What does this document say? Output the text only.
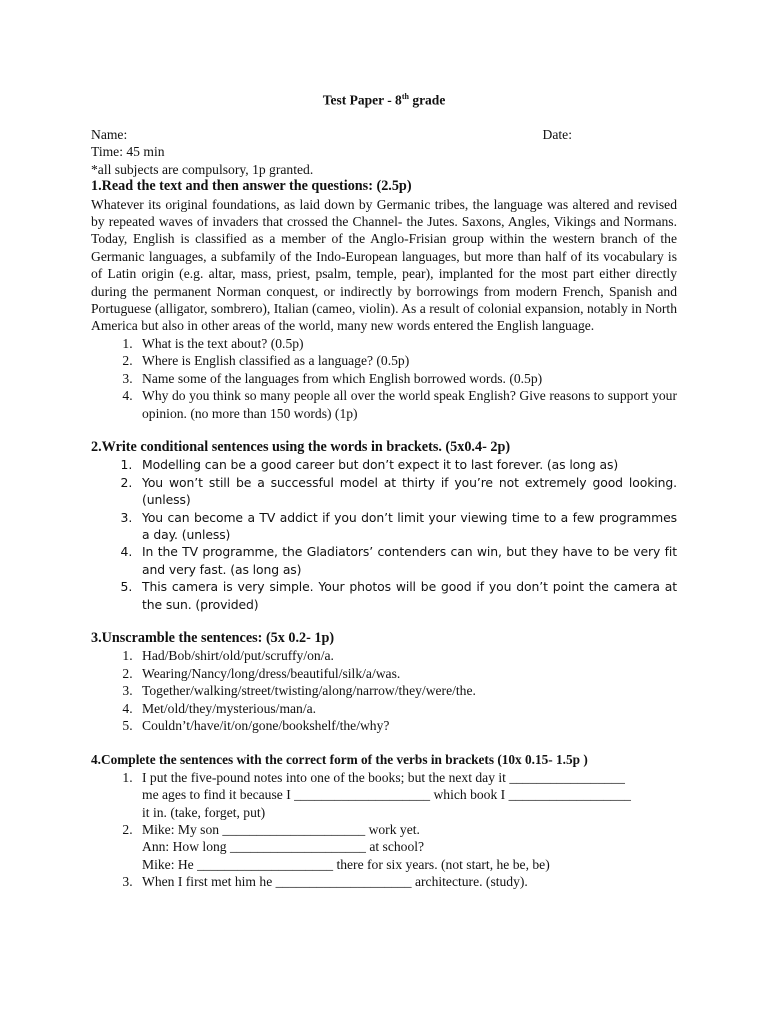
Test Paper - 8th grade
Name:	Date:
Time: 45 min
*all subjects are compulsory, 1p granted.
1.Read the text and then answer the questions: (2.5p)
Whatever its original foundations, as laid down by Germanic tribes, the language was altered and revised by repeated waves of invaders that crossed the Channel- the Jutes. Saxons, Angles, Vikings and Normans. Today, English is classified as a member of the Anglo-Frisian group within the western branch of the Germanic languages, a subfamily of the Indo-European languages, but more than half of its vocabulary is of Latin origin (e.g. altar, mass, priest, psalm, temple, pear), implanted for the most part either directly during the permanent Norman conquest, or indirectly by borrowings from modern French, Spanish and Portuguese (alligator, sombrero), Italian (cameo, violin). As a result of colonial expansion, notably in North America but also in other areas of the world, many new words entered the English language.
1. What is the text about? (0.5p)
2. Where is English classified as a language? (0.5p)
3. Name some of the languages from which English borrowed words. (0.5p)
4. Why do you think so many people all over the world speak English? Give reasons to support your opinion. (no more than 150 words) (1p)
2.Write conditional sentences using the words in brackets. (5x0.4- 2p)
1. Modelling can be a good career but don’t expect it to last forever. (as long as)
2. You won’t still be a successful model at thirty if you’re not extremely good looking. (unless)
3. You can become a TV addict if you don’t limit your viewing time to a few programmes a day. (unless)
4. In the TV programme, the Gladiators’ contenders can win, but they have to be very fit and very fast. (as long as)
5. This camera is very simple. Your photos will be good if you don’t point the camera at the sun. (provided)
3.Unscramble the sentences: (5x 0.2- 1p)
1. Had/Bob/shirt/old/put/scruffy/on/a.
2. Wearing/Nancy/long/dress/beautiful/silk/a/was.
3. Together/walking/street/twisting/along/narrow/they/were/the.
4. Met/old/they/mysterious/man/a.
5. Couldn’t/have/it/on/gone/bookshelf/the/why?
4.Complete the sentences with the correct form of the verbs in brackets (10x 0.15- 1.5p )
1. I put the five-pound notes into one of the books; but the next day it _________________
me ages to find it because I ____________________ which book I __________________
it in. (take, forget, put)
2. Mike: My son _____________________ work yet.
Ann: How long ____________________ at school?
Mike: He ____________________ there for six years. (not start, he be, be)
3. When I first met him he ____________________ architecture. (study).
